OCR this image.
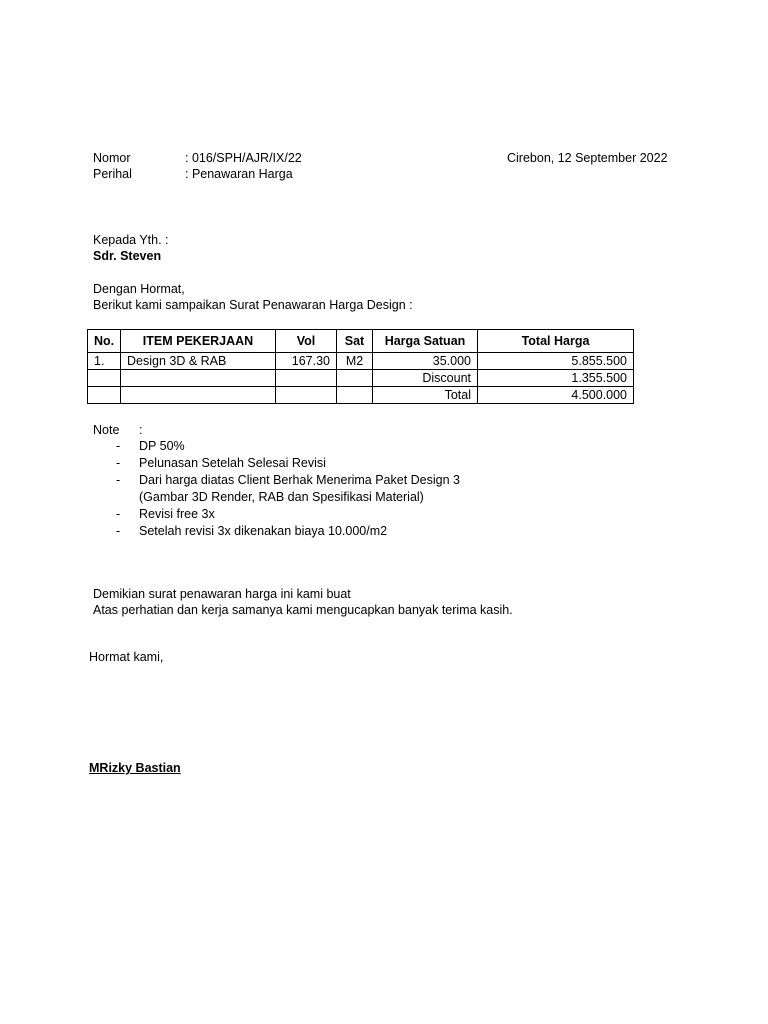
Nomor	: 016/SPH/AJR/IX/22
Perihal	: Penawaran Harga
Cirebon, 12 September 2022
Kepada Yth. :
Sdr. Steven
Dengan Hormat,
Berikut kami sampaikan Surat Penawaran Harga Design :
No.	ITEM PEKERJAAN	Vol	Sat	Harga Satuan	Total Harga
1.	Design 3D & RAB	167.30	M2	35.000	5.855.500
				Discount	1.355.500
				Total	4.500.000
Note :
- DP 50%
- Pelunasan Setelah Selesai Revisi
- Dari harga diatas Client Berhak Menerima Paket Design 3
(Gambar 3D Render, RAB dan Spesifikasi Material)
- Revisi free 3x
- Setelah revisi 3x dikenakan biaya 10.000/m2
Demikian surat penawaran harga ini kami buat
Atas perhatian dan kerja samanya kami mengucapkan banyak terima kasih.
Hormat kami,
MRizky Bastian
